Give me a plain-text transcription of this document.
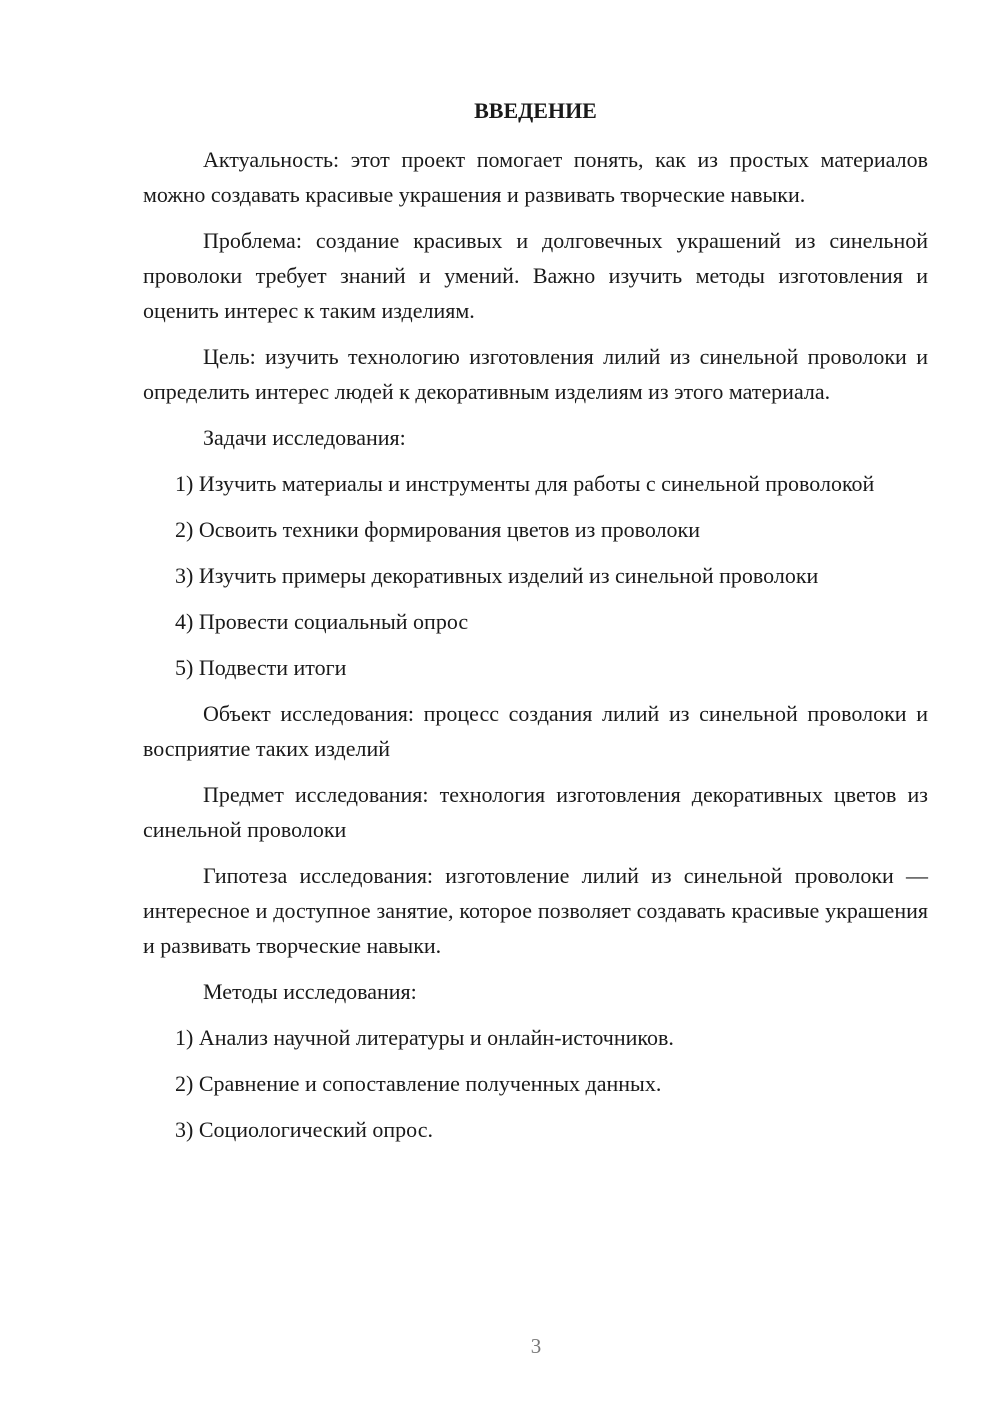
ВВЕДЕНИЕ
Актуальность: этот проект помогает понять, как из простых материалов можно создавать красивые украшения и развивать творческие навыки.
Проблема: создание красивых и долговечных украшений из синельной проволоки требует знаний и умений. Важно изучить методы изготовления и оценить интерес к таким изделиям.
Цель: изучить технологию изготовления лилий из синельной проволоки и определить интерес людей к декоративным изделиям из этого материала.
Задачи исследования:
1) Изучить материалы и инструменты для работы с синельной проволокой
2) Освоить техники формирования цветов из проволоки
3) Изучить примеры декоративных изделий из синельной проволоки
4) Провести социальный опрос
5) Подвести итоги
Объект исследования: процесс создания лилий из синельной проволоки и восприятие таких изделий
Предмет исследования: технология изготовления декоративных цветов из синельной проволоки
Гипотеза исследования: изготовление лилий из синельной проволоки — интересное и доступное занятие, которое позволяет создавать красивые украшения и развивать творческие навыки.
Методы исследования:
1) Анализ научной литературы и онлайн-источников.
2) Сравнение и сопоставление полученных данных.
3) Социологический опрос.
3
